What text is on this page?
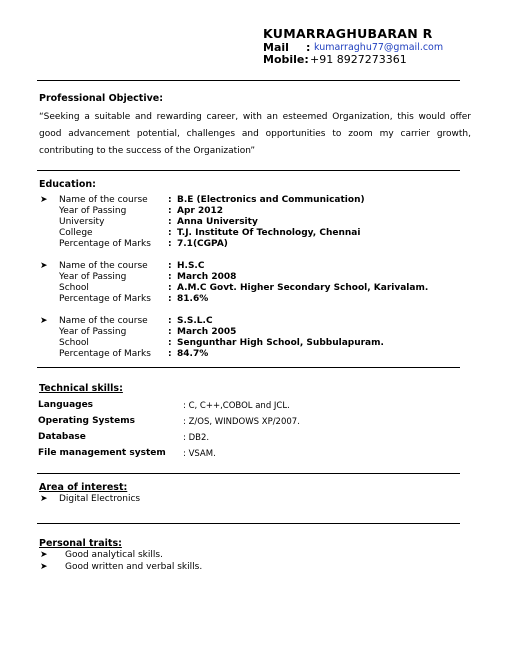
KUMARRAGHUBARAN R
Mail : kumarraghu77@gmail.com
Mobile: +91 8927273361
Professional Objective:
“Seeking a suitable and rewarding career, with an esteemed Organization, this would offer good advancement potential, challenges and opportunities to zoom my carrier growth, contributing to the success of the Organization”
Education:
➤ Name of the course : B.E (Electronics and Communication)
Year of Passing	: Apr 2012
University	: Anna University
College	: T.J. Institute Of Technology, Chennai
Percentage of Marks : 7.1(CGPA)
➤ Name of the course : H.S.C
Year of Passing	: March 2008
School	: A.M.C Govt. Higher Secondary School, Karivalam.
Percentage of Marks : 81.6%
➤ Name of the course : S.S.L.C
Year of Passing	: March 2005
School	: Sengunthar High School, Subbulapuram.
Percentage of Marks : 84.7%
Technical skills:
Languages	: C, C++,COBOL and JCL.
Operating Systems	: Z/OS, WINDOWS XP/2007.
Database	: DB2.
File management system : VSAM.
Area of interest:
➤ Digital Electronics
Personal traits:
➤ Good analytical skills.
➤ Good written and verbal skills.
